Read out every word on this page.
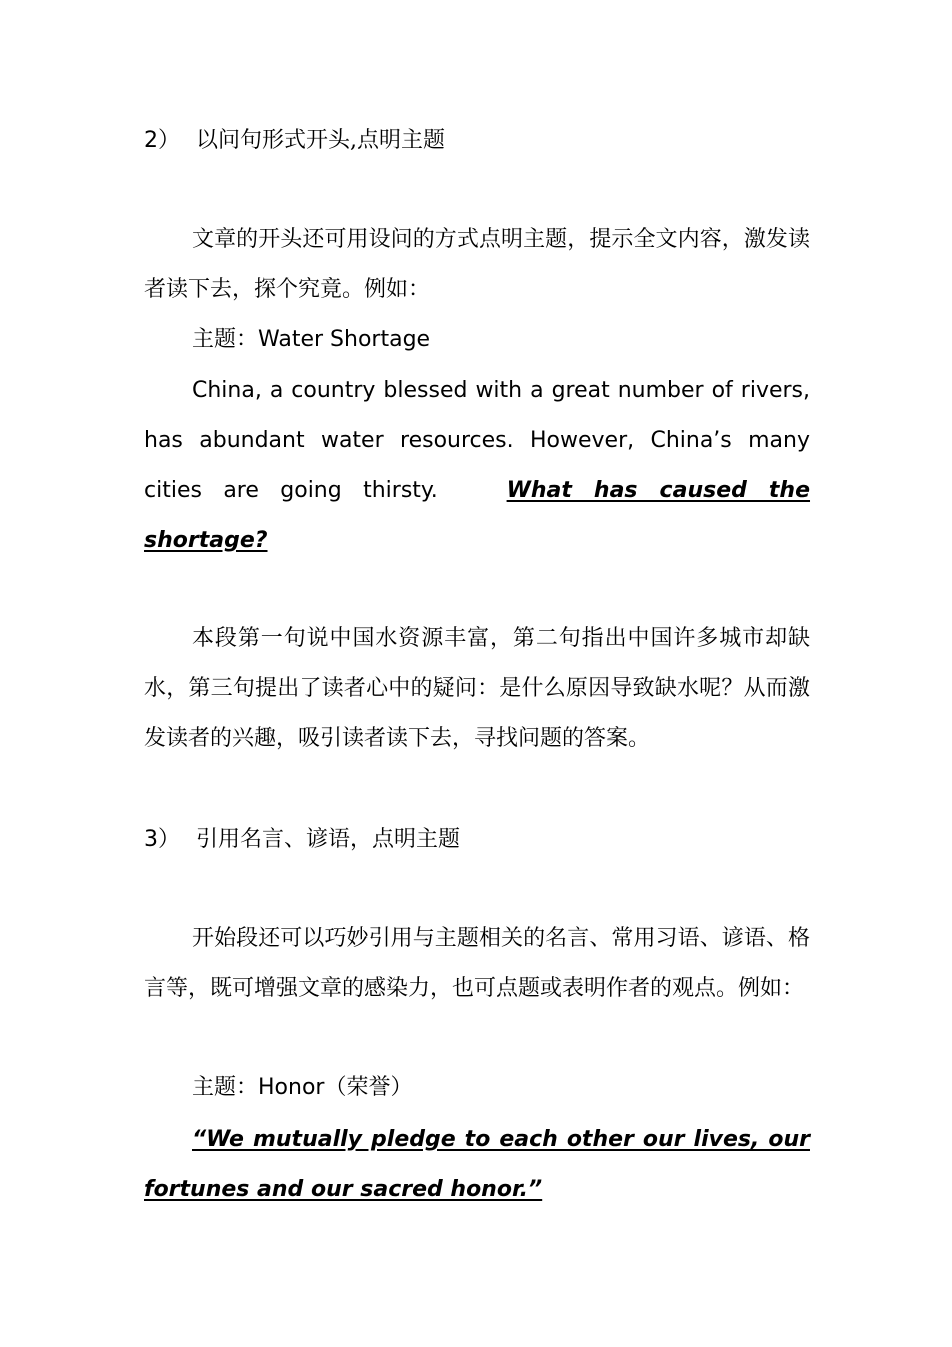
2） 以问句形式开头,点明主题
文章的开头还可用设问的方式点明主题，提示全文内容，激发读者读下去，探个究竟。例如：
主题：Water Shortage
China, a country blessed with a great number of rivers, has abundant water resources. However, China’s many cities are going thirsty.	What has caused the shortage?
本段第一句说中国水资源丰富，第二句指出中国许多城市却缺水，第三句提出了读者心中的疑问：是什么原因导致缺水呢？从而激发读者的兴趣，吸引读者读下去，寻找问题的答案。
3） 引用名言、谚语，点明主题
开始段还可以巧妙引用与主题相关的名言、常用习语、谚语、格言等，既可增强文章的感染力，也可点题或表明作者的观点。例如：
主题：Honor（荣誉）
“We mutually pledge to each other our lives, our fortunes and our sacred honor.”
